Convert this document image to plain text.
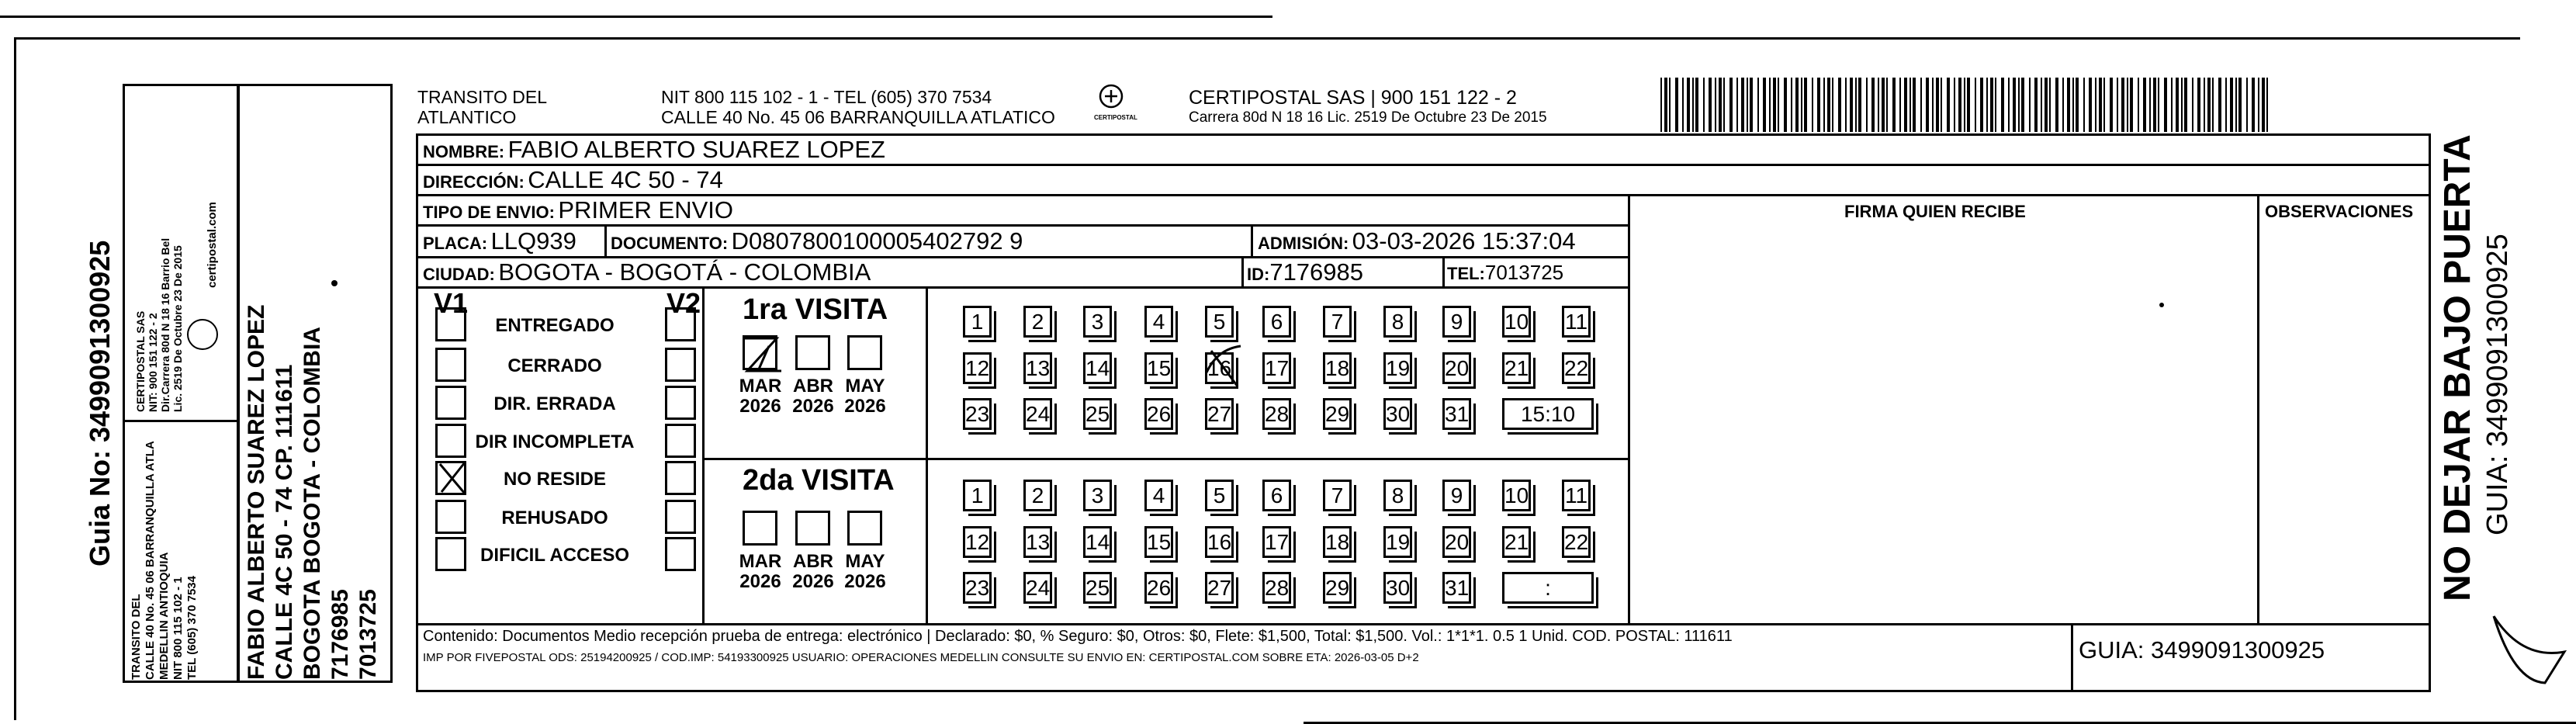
Guia No: 3499091300925
TRANSITO DEL CALLE 40 No. 45 06 BARRANQUILLA ATLA MEDELLIN ANTIOQUIA NIT 800 115 102 - 1 TEL (605) 370 7534
CERTIPOSTAL SAS NIT: 900 151 122 - 2 Dir.Carrera 80d N 18 16 Barrio Bel Lic. 2519 De Octubre 23 De 2015
certipostal.com
FABIO ALBERTO SUAREZ LOPEZ CALLE 4C 50 - 74 CP. 111611 BOGOTA BOGOTA - COLOMBIA 7176985 7013725
TRANSITO DEL
ATLANTICO
NIT 800 115 102 - 1 - TEL (605) 370 7534
CALLE 40 No. 45 06 BARRANQUILLA ATLATICO	CERTIPOSTAL
CERTIPOSTAL SAS | 900 151 122 - 2
Carrera 80d N 18 16 Lic. 2519 De Octubre 23 De 2015
NOMBRE: FABIO ALBERTO SUAREZ LOPEZ
DIRECCIÓN: CALLE 4C 50 - 74
TIPO DE ENVIO: PRIMER ENVIO	FIRMA QUIEN RECIBE	OBSERVACIONES
PLACA: LLQ939 DOCUMENTO: D0807800100005402792 9	ADMISIÓN: 03-03-2026 15:37:04
CIUDAD: BOGOTA - BOGOTÁ - COLOMBIA	ID:7176985	TEL:7013725
V1	V2
ENTREGADO
CERRADO
DIR. ERRADA
DIR INCOMPLETA
NO RESIDE
REHUSADO
DIFICIL ACCESO
1ra VISITA
2da VISITA
MAR
2026
ABR
2026
MAY
2026
MAR
2026
ABR
2026
MAY
2026
1	2	3	4	5	6	7	8	9	10 11
12 13 14 15 16 17 18 19 20 21 22
23 24 25 26 27 28 29 30 31	15:10
1	2	3	4	5	6	7	8	9	10 11
12 13 14 15 16 17 18 19 20 21 22
23 24 25 26 27 28 29 30 31	:
Contenido: Documentos Medio recepción prueba de entrega: electrónico | Declarado: $0, % Seguro: $0, Otros: $0, Flete: $1,500, Total: $1,500. Vol.: 1*1*1. 0.5 1 Unid. COD. POSTAL: 111611
IMP POR FIVEPOSTAL ODS: 25194200925 / COD.IMP: 54193300925 USUARIO: OPERACIONES MEDELLIN CONSULTE SU ENVIO EN: CERTIPOSTAL.COM SOBRE ETA: 2026-03-05 D+2	GUIA: 3499091300925
NO DEJAR BAJO PUERTA GUIA: 3499091300925
